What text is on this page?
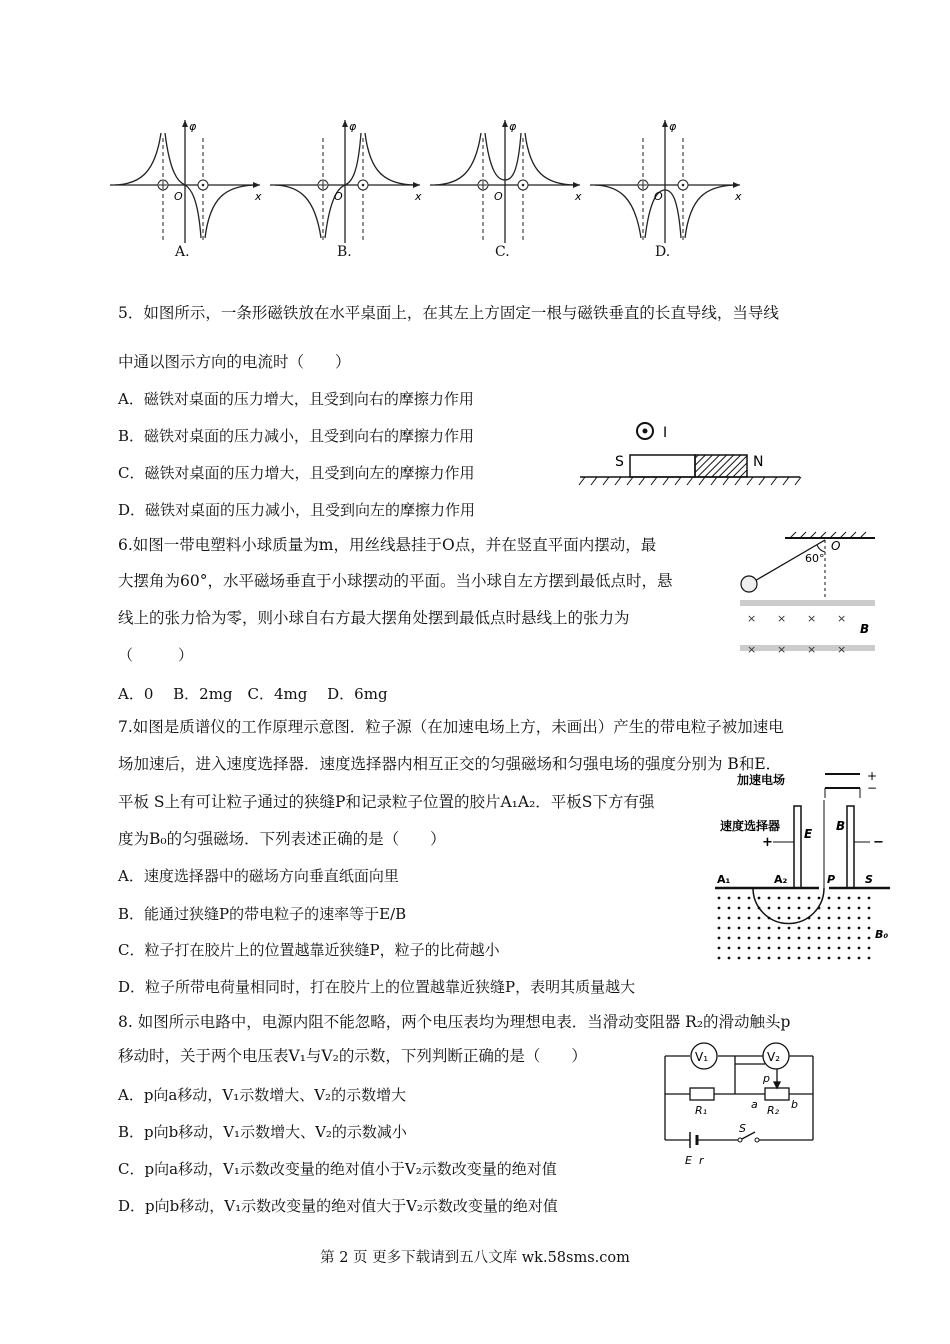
φ
x
O
φ
x
O
φ
x
O
φ
x
O
A.	B.	C.	D.
5．如图所示，一条形磁铁放在水平桌面上，在其左上方固定一根与磁铁垂直的长直导线，当导线
中通以图示方向的电流时（　　）
A．磁铁对桌面的压力增大，且受到向右的摩擦力作用
B．磁铁对桌面的压力减小，且受到向右的摩擦力作用
C．磁铁对桌面的压力增大，且受到向左的摩擦力作用
D．磁铁对桌面的压力减小，且受到向左的摩擦力作用
I
S	N
6.如图一带电塑料小球质量为m，用丝线悬挂于O点，并在竖直平面内摆动，最
大摆角为60°，水平磁场垂直于小球摆动的平面。当小球自左方摆到最低点时，悬
线上的张力恰为零，则小球自右方最大摆角处摆到最低点时悬线上的张力为
（　　　）
A．0　 B．2mg　C．4mg　 D．6mg
O
60°
× × × ×
× × × ×
B
7.如图是质谱仪的工作原理示意图．粒子源（在加速电场上方，未画出）产生的带电粒子被加速电
场加速后，进入速度选择器．速度选择器内相互正交的匀强磁场和匀强电场的强度分别为 B和E．
平板 S上有可让粒子通过的狭缝P和记录粒子位置的胶片A₁A₂．平板S下方有强
度为B₀的匀强磁场．下列表述正确的是（　　）
A．速度选择器中的磁场方向垂直纸面向里
B．能通过狭缝P的带电粒子的速率等于E/B
C．粒子打在胶片上的位置越靠近狭缝P，粒子的比荷越小
D．粒子所带电荷量相同时，打在胶片上的位置越靠近狭缝P，表明其质量越大
加速电场	+
−
速度选择器
E
B
+	−
A₁	A₂	P	S
B₀
8. 如图所示电路中，电源内阻不能忽略，两个电压表均为理想电表．当滑动变阻器 R₂的滑动触头p
移动时，关于两个电压表V₁与V₂的示数，下列判断正确的是（　　）
A．p向a移动，V₁示数增大、V₂的示数增大
B．p向b移动，V₁示数增大、V₂的示数减小
C．p向a移动，V₁示数改变量的绝对值小于V₂示数改变量的绝对值
D．p向b移动，V₁示数改变量的绝对值大于V₂示数改变量的绝对值
V₁	V₂
R₁	R₂
p
a	b
S
E r
第 2 页 更多下载请到五八文库 wk.58sms.com
